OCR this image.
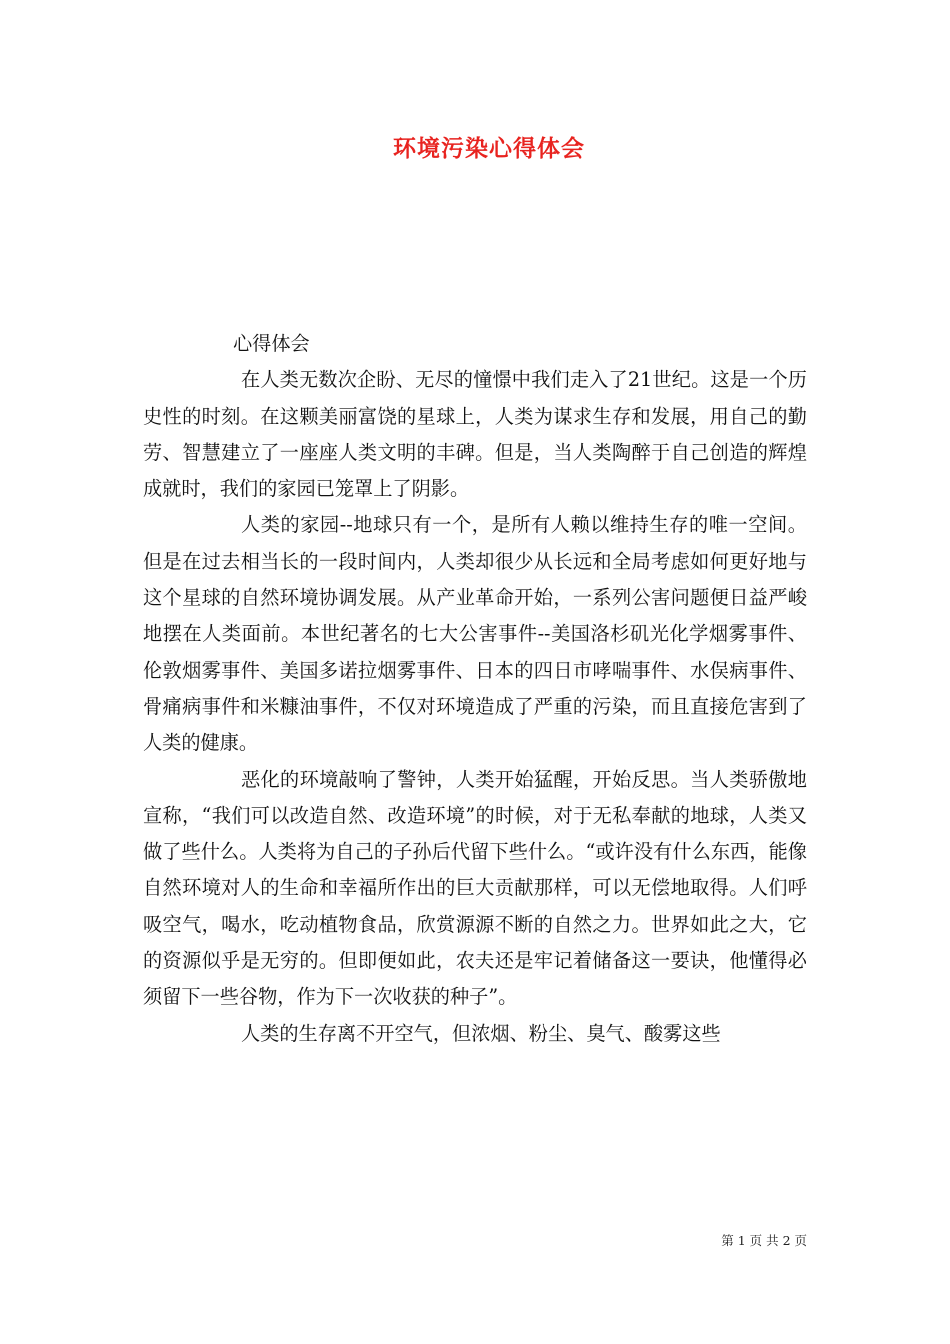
环境污染心得体会

心得体会

在人类无数次企盼、无尽的憧憬中我们走入了21世纪。这是一个历史性的时刻。在这颗美丽富饶的星球上，人类为谋求生存和发展，用自己的勤劳、智慧建立了一座座人类文明的丰碑。但是，当人类陶醉于自己创造的辉煌成就时，我们的家园已笼罩上了阴影。

人类的家园--地球只有一个，是所有人赖以维持生存的唯一空间。但是在过去相当长的一段时间内，人类却很少从长远和全局考虑如何更好地与这个星球的自然环境协调发展。从产业革命开始，一系列公害问题便日益严峻地摆在人类面前。本世纪著名的七大公害事件--美国洛杉矶光化学烟雾事件、伦敦烟雾事件、美国多诺拉烟雾事件、日本的四日市哮喘事件、水俣病事件、骨痛病事件和米糠油事件，不仅对环境造成了严重的污染，而且直接危害到了人类的健康。

恶化的环境敲响了警钟，人类开始猛醒，开始反思。当人类骄傲地宣称，“我们可以改造自然、改造环境”的时候，对于无私奉献的地球，人类又做了些什么。人类将为自己的子孙后代留下些什么。“或许没有什么东西，能像自然环境对人的生命和幸福所作出的巨大贡献那样，可以无偿地取得。人们呼吸空气，喝水，吃动植物食品，欣赏源源不断的自然之力。世界如此之大，它的资源似乎是无穷的。但即便如此，农夫还是牢记着储备这一要诀，他懂得必须留下一些谷物，作为下一次收获的种子”。

人类的生存离不开空气，但浓烟、粉尘、臭气、酸雾这些

第 1 页 共 2 页
